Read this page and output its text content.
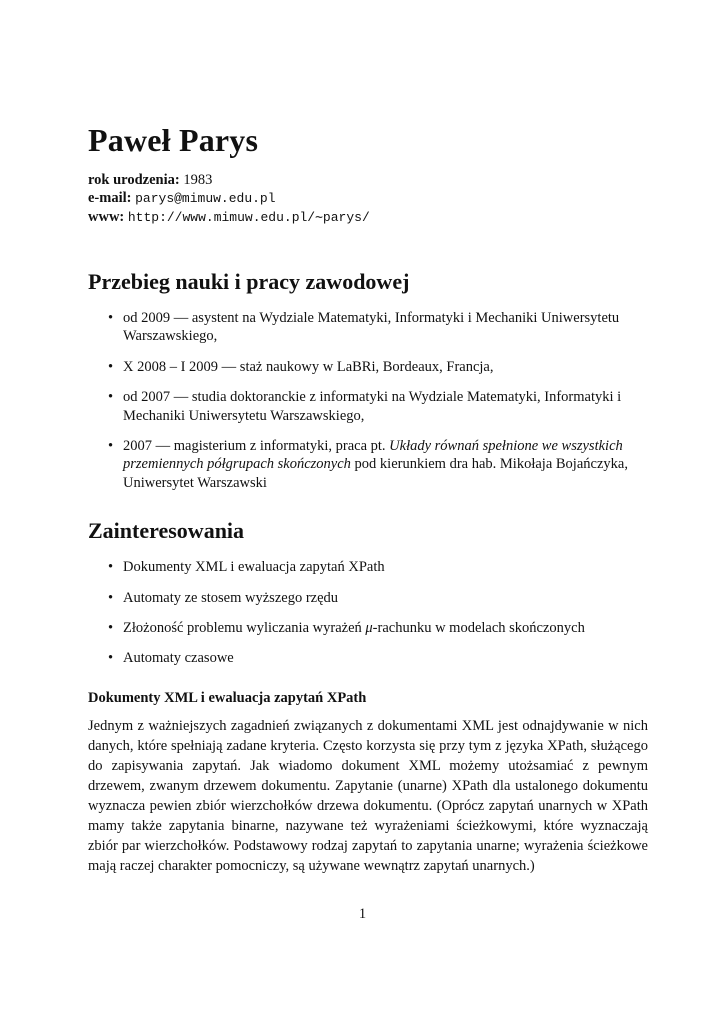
Paweł Parys
rok urodzenia: 1983
e-mail: parys@mimuw.edu.pl
www: http://www.mimuw.edu.pl/∼parys/
Przebieg nauki i pracy zawodowej
• od 2009 — asystent na Wydziale Matematyki, Informatyki i Mechaniki Uniwersytetu Warszawskiego,
• X 2008 – I 2009 — staż naukowy w LaBRi, Bordeaux, Francja,
• od 2007 — studia doktoranckie z informatyki na Wydziale Matematyki, Informatyki i Mechaniki Uniwersytetu Warszawskiego,
• 2007 — magisterium z informatyki, praca pt. Układy równań spełnione we wszystkich przemiennych półgrupach skończonych pod kierunkiem dra hab. Mikołaja Bojańczyka, Uniwersytet Warszawski
Zainteresowania
• Dokumenty XML i ewaluacja zapytań XPath
• Automaty ze stosem wyższego rzędu
• Złożoność problemu wyliczania wyrażeń μ-rachunku w modelach skończonych
• Automaty czasowe
Dokumenty XML i ewaluacja zapytań XPath

Jednym z ważniejszych zagadnień związanych z dokumentami XML jest odnajdywanie w nich danych, które spełniają zadane kryteria. Często korzysta się przy tym z języka XPath, służącego do zapisywania zapytań. Jak wiadomo dokument XML możemy utożsamiać z pewnym drzewem, zwanym drzewem dokumentu. Zapytanie (unarne) XPath dla ustalonego dokumentu wyznacza pewien zbiór wierzchołków drzewa dokumentu. (Oprócz zapytań unarnych w XPath mamy także zapytania binarne, nazywane też wyrażeniami ścieżkowymi, które wyznaczają zbiór par wierzchołków. Podstawowy rodzaj zapytań to zapytania unarne; wyrażenia ścieżkowe mają raczej charakter pomocniczy, są używane wewnątrz zapytań unarnych.)

1
